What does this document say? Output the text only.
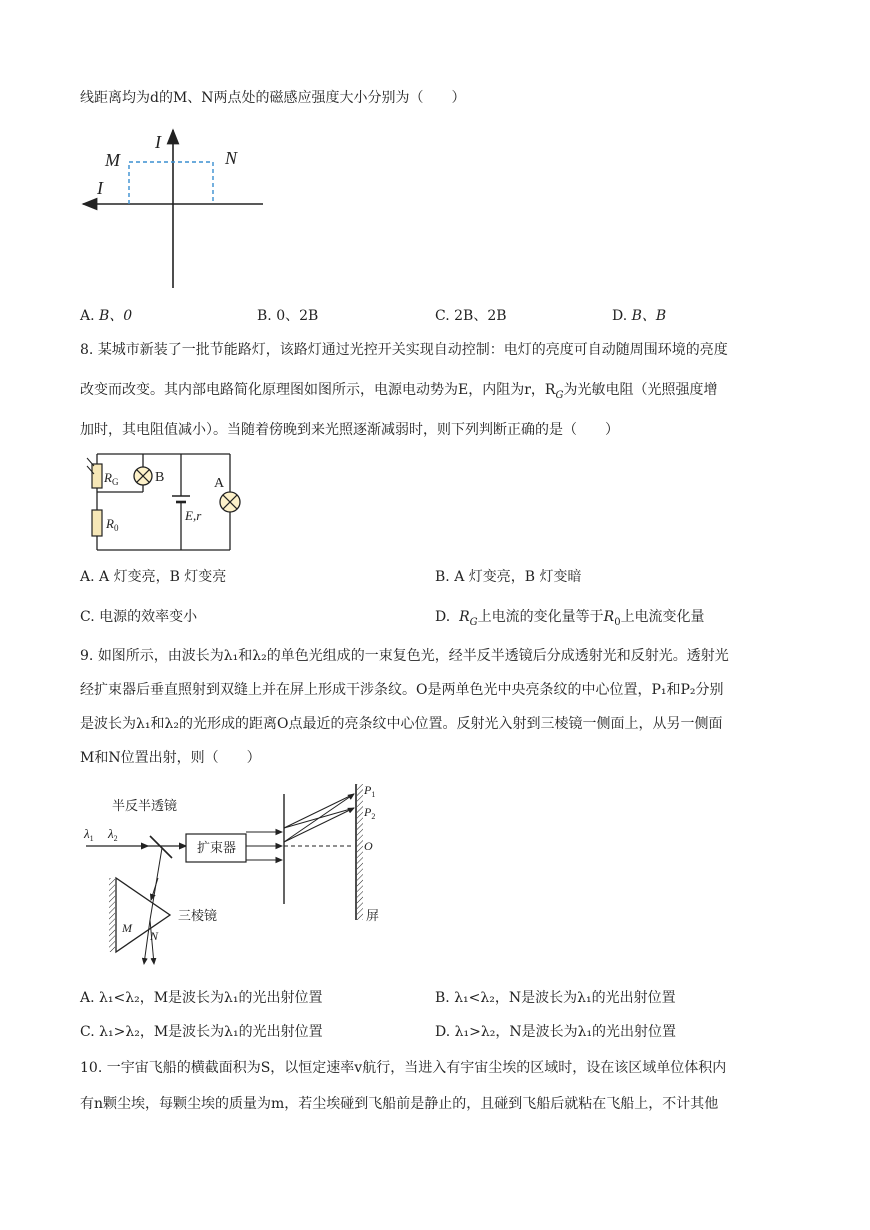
线距离均为d的M、N两点处的磁感应强度大小分别为（　　）
I
I
M	N
A. B、0	B. 0、2B	C. 2B、2B	D. B、B
8. 某城市新装了一批节能路灯，该路灯通过光控开关实现自动控制：电灯的亮度可自动随周围环境的亮度
改变而改变。其内部电路简化原理图如图所示，电源电动势为E，内阻为r，$R_G$为光敏电阻（光照强度增
加时，其电阻值减小）。当随着傍晚到来光照逐渐减弱时，则下列判断正确的是（　　）
$R_G$	B	A
E,r
$R_0$
A. A 灯变亮，B 灯变亮	B. A 灯变亮，B 灯变暗
C. 电源的效率变小	D. $R_G$上电流的变化量等于$R_0$上电流变化量
9. 如图所示，由波长为λ₁和λ₂的单色光组成的一束复色光，经半反半透镜后分成透射光和反射光。透射光
经扩束器后垂直照射到双缝上并在屏上形成干涉条纹。O是两单色光中央亮条纹的中心位置，P₁和P₂分别
是波长为λ₁和λ₂的光形成的距离O点最近的亮条纹中心位置。反射光入射到三棱镜一侧面上，从另一侧面
M和N位置出射，则（　　）
半反半透镜
$\lambda_1$ $\lambda_2$
扩束器
三棱镜	屏
$P_1$
$P_2$
O
M
N
A. λ₁<λ₂，M是波长为λ₁的光出射位置	B. λ₁<λ₂，N是波长为λ₁的光出射位置
C. λ₁>λ₂，M是波长为λ₁的光出射位置	D. λ₁>λ₂，N是波长为λ₁的光出射位置
10. 一宇宙飞船的横截面积为S，以恒定速率v航行，当进入有宇宙尘埃的区域时，设在该区域单位体积内
有n颗尘埃，每颗尘埃的质量为m，若尘埃碰到飞船前是静止的，且碰到飞船后就粘在飞船上，不计其他
